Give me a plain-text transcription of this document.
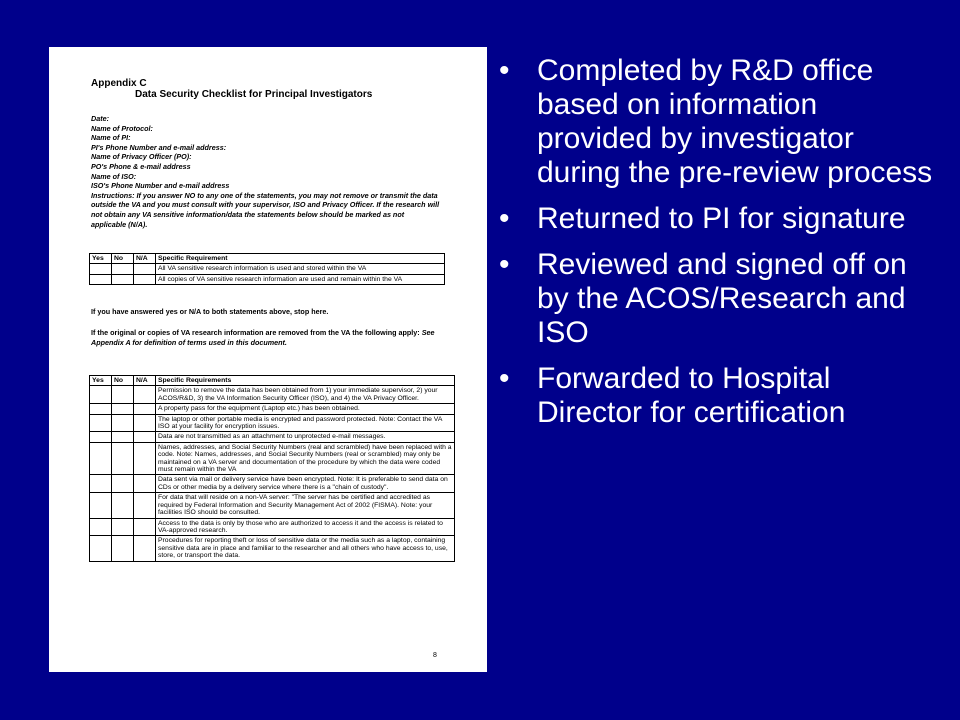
Appendix C
Data Security Checklist for Principal Investigators
Date:
Name of Protocol:
Name of PI:
PI's Phone Number and e-mail address:
Name of Privacy Officer (PO):
PO's Phone & e-mail address
Name of ISO:
ISO's Phone Number and e-mail address
Instructions: If you answer NO to any one of the statements, you may not remove or transmit the data outside the VA and you must consult with your supervisor, ISO and Privacy Officer. If the research will not obtain any VA sensitive information/data the statements below should be marked as not applicable (N/A).
Yes	No	N/A	Specific Requirement
			All VA sensitive research information is used and stored within the VA
			All copies of VA sensitive research information are used and remain within the VA
If you have answered yes or N/A to both statements above, stop here.
If the original or copies of VA research information are removed from the VA the following apply: See Appendix A for definition of terms used in this document.
Yes	No	N/A	Specific Requirements
			Permission to remove the data has been obtained from 1) your immediate supervisor, 2) your ACOS/R&D, 3) the VA Information Security Officer (ISO), and 4) the VA Privacy Officer.
			A property pass for the equipment (Laptop etc.) has been obtained.
			The laptop or other portable media is encrypted and password protected. Note: Contact the VA ISO at your facility for encryption issues.
			Data are not transmitted as an attachment to unprotected e-mail messages.
			Names, addresses, and Social Security Numbers (real and scrambled) have been replaced with a code. Note: Names, addresses, and Social Security Numbers (real or scrambled) may only be maintained on a VA server and documentation of the procedure by which the data were coded must remain within the VA
			Data sent via mail or delivery service have been encrypted. Note: It is preferable to send data on CDs or other media by a delivery service where there is a "chain of custody".
			For data that will reside on a non-VA server: "The server has be certified and accredited as required by Federal Information and Security Management Act of 2002 (FISMA). Note: your facilities ISO should be consulted.
			Access to the data is only by those who are authorized to access it and the access is related to VA-approved research.
			Procedures for reporting theft or loss of sensitive data or the media such as a laptop, containing sensitive data are in place and familiar to the researcher and all others who have access to, use, store, or transport the data.
8
• Completed by R&D office based on information provided by investigator during the pre-review process
• Returned to PI for signature
• Reviewed and signed off on by the ACOS/Research and ISO
• Forwarded to Hospital Director for certification
